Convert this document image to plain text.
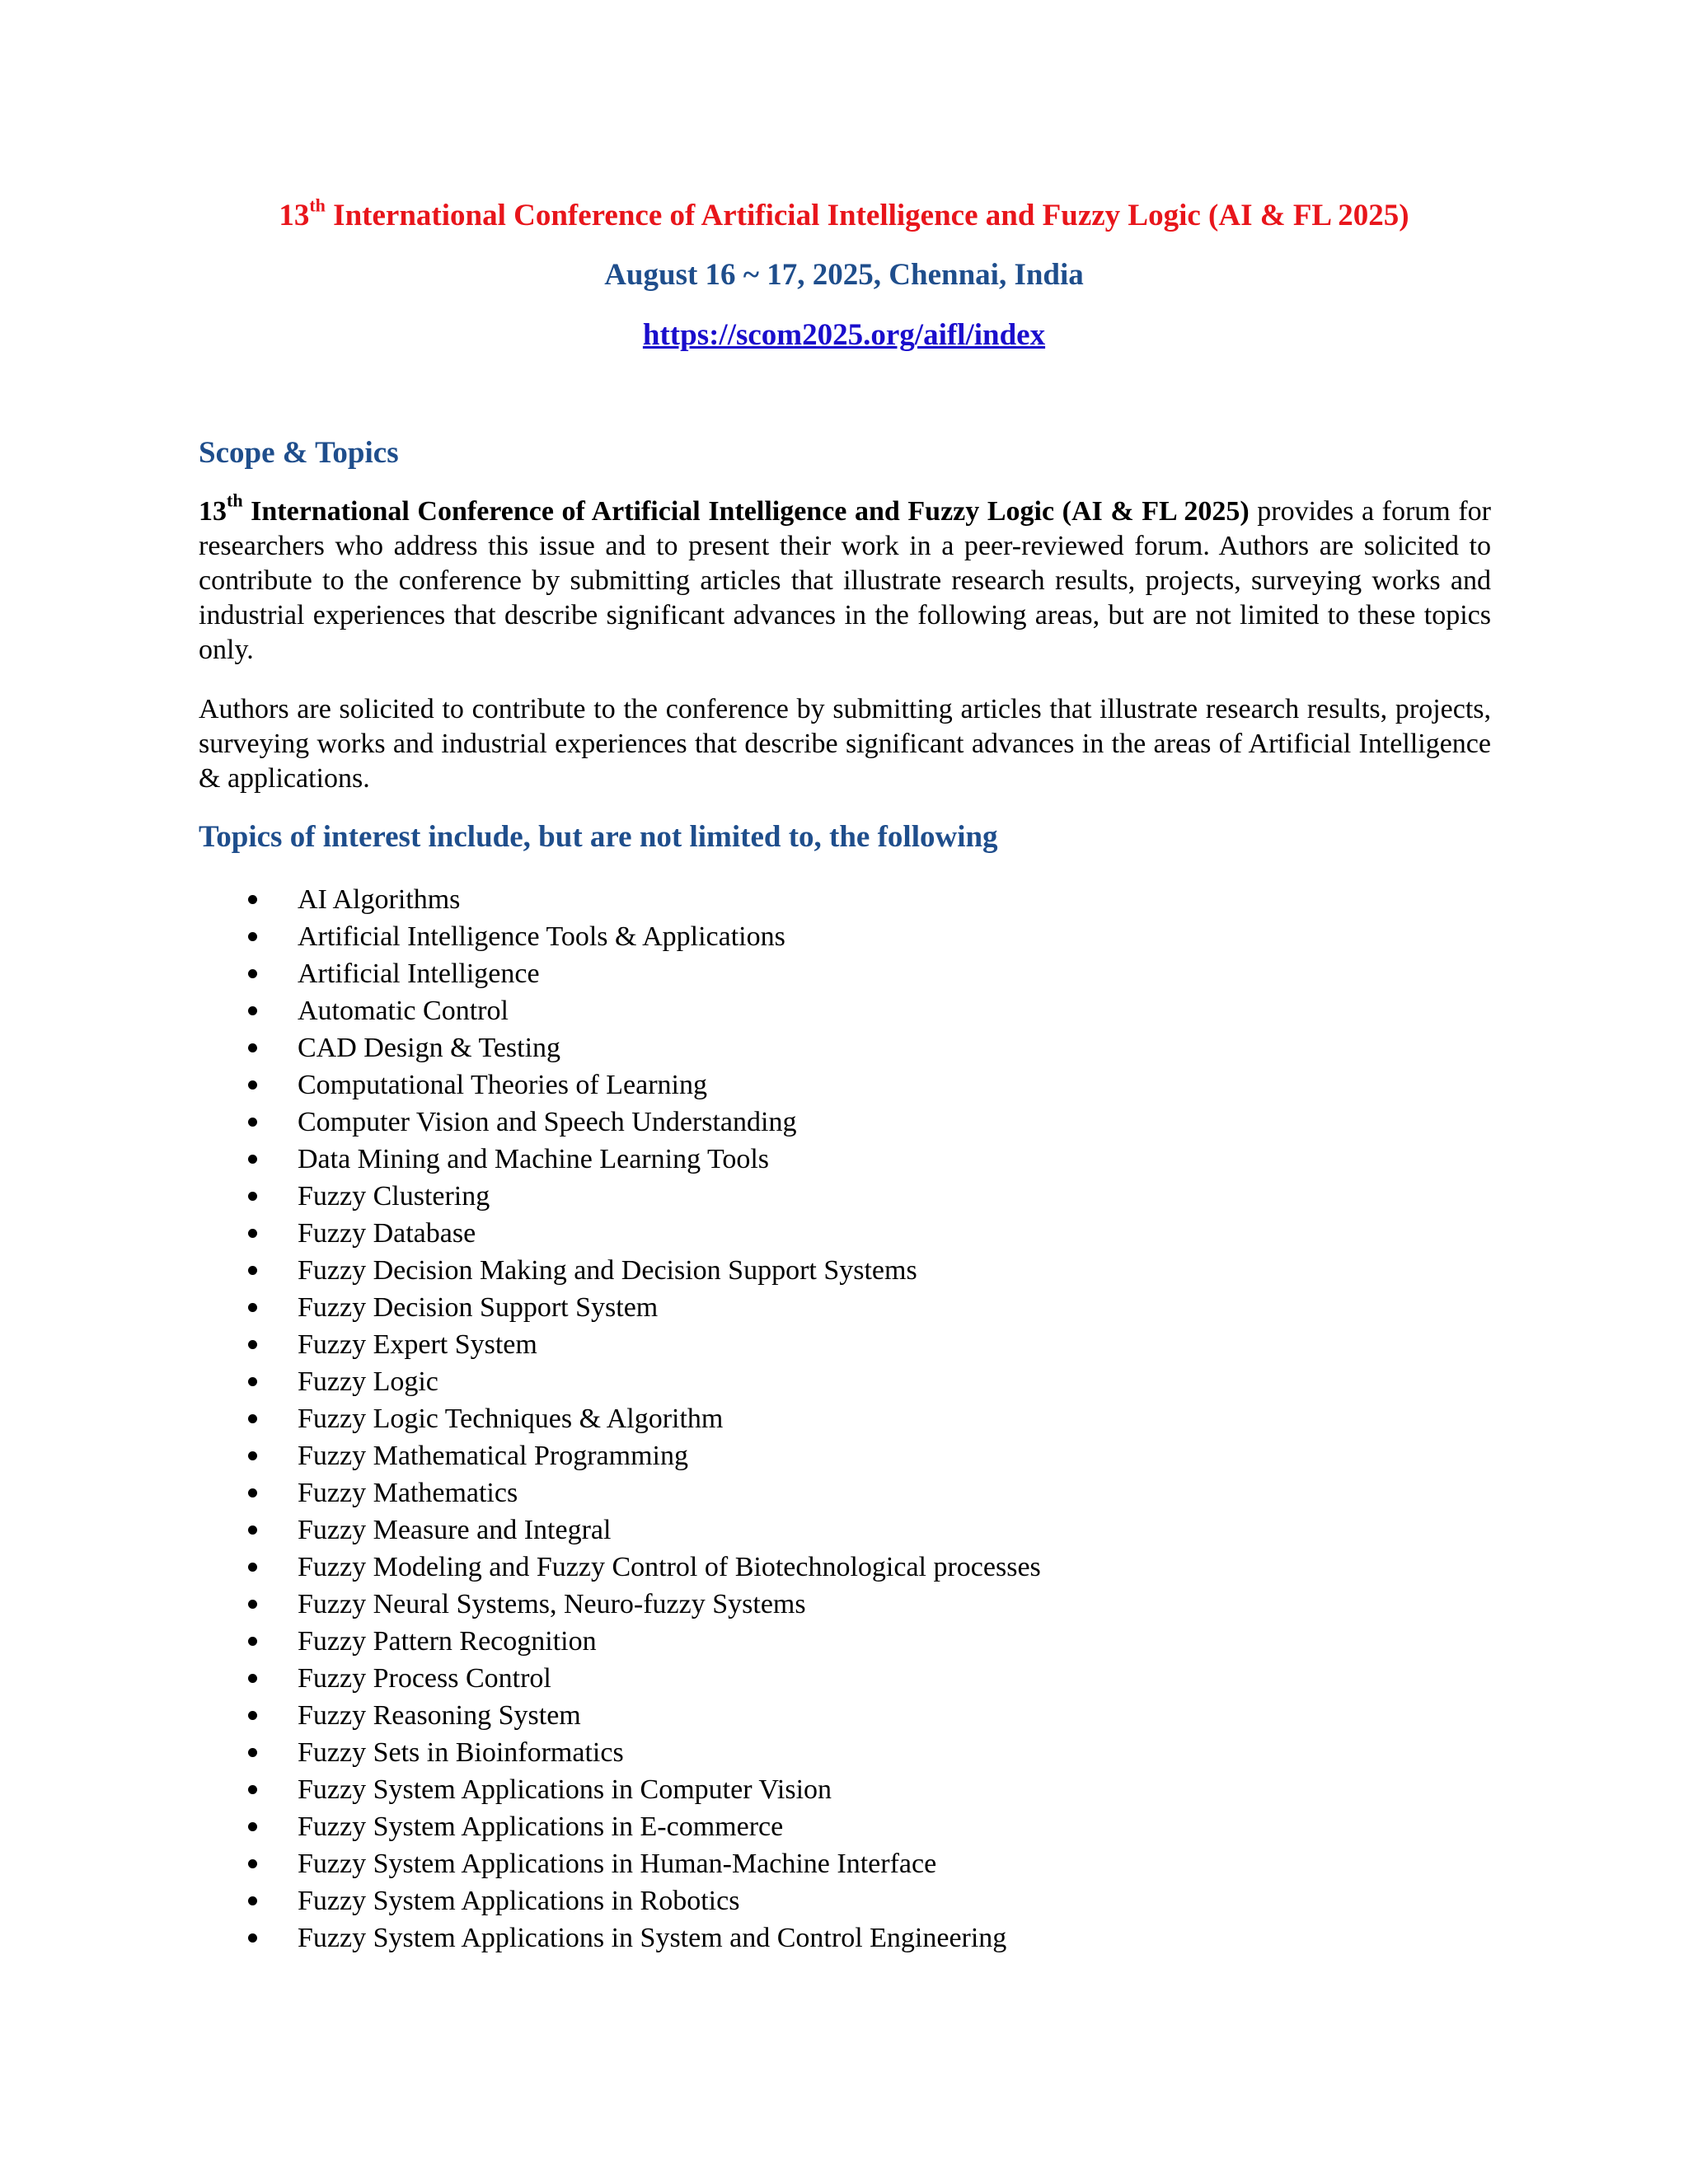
13th International Conference of Artificial Intelligence and Fuzzy Logic (AI & FL 2025)
August 16 ~ 17, 2025, Chennai, India
https://scom2025.org/aifl/index
Scope & Topics

13th International Conference of Artificial Intelligence and Fuzzy Logic (AI & FL 2025) provides a forum for researchers who address this issue and to present their work in a peer-reviewed forum. Authors are solicited to contribute to the conference by submitting articles that illustrate research results, projects, surveying works and industrial experiences that describe significant advances in the following areas, but are not limited to these topics only.

Authors are solicited to contribute to the conference by submitting articles that illustrate research results, projects, surveying works and industrial experiences that describe significant advances in the areas of Artificial Intelligence & applications.

Topics of interest include, but are not limited to, the following
AI Algorithms
Artificial Intelligence Tools & Applications
Artificial Intelligence
Automatic Control
CAD Design & Testing
Computational Theories of Learning
Computer Vision and Speech Understanding
Data Mining and Machine Learning Tools
Fuzzy Clustering
Fuzzy Database
Fuzzy Decision Making and Decision Support Systems
Fuzzy Decision Support System
Fuzzy Expert System
Fuzzy Logic
Fuzzy Logic Techniques & Algorithm
Fuzzy Mathematical Programming
Fuzzy Mathematics
Fuzzy Measure and Integral
Fuzzy Modeling and Fuzzy Control of Biotechnological processes
Fuzzy Neural Systems, Neuro-fuzzy Systems
Fuzzy Pattern Recognition
Fuzzy Process Control
Fuzzy Reasoning System
Fuzzy Sets in Bioinformatics
Fuzzy System Applications in Computer Vision
Fuzzy System Applications in E-commerce
Fuzzy System Applications in Human-Machine Interface
Fuzzy System Applications in Robotics
Fuzzy System Applications in System and Control Engineering
